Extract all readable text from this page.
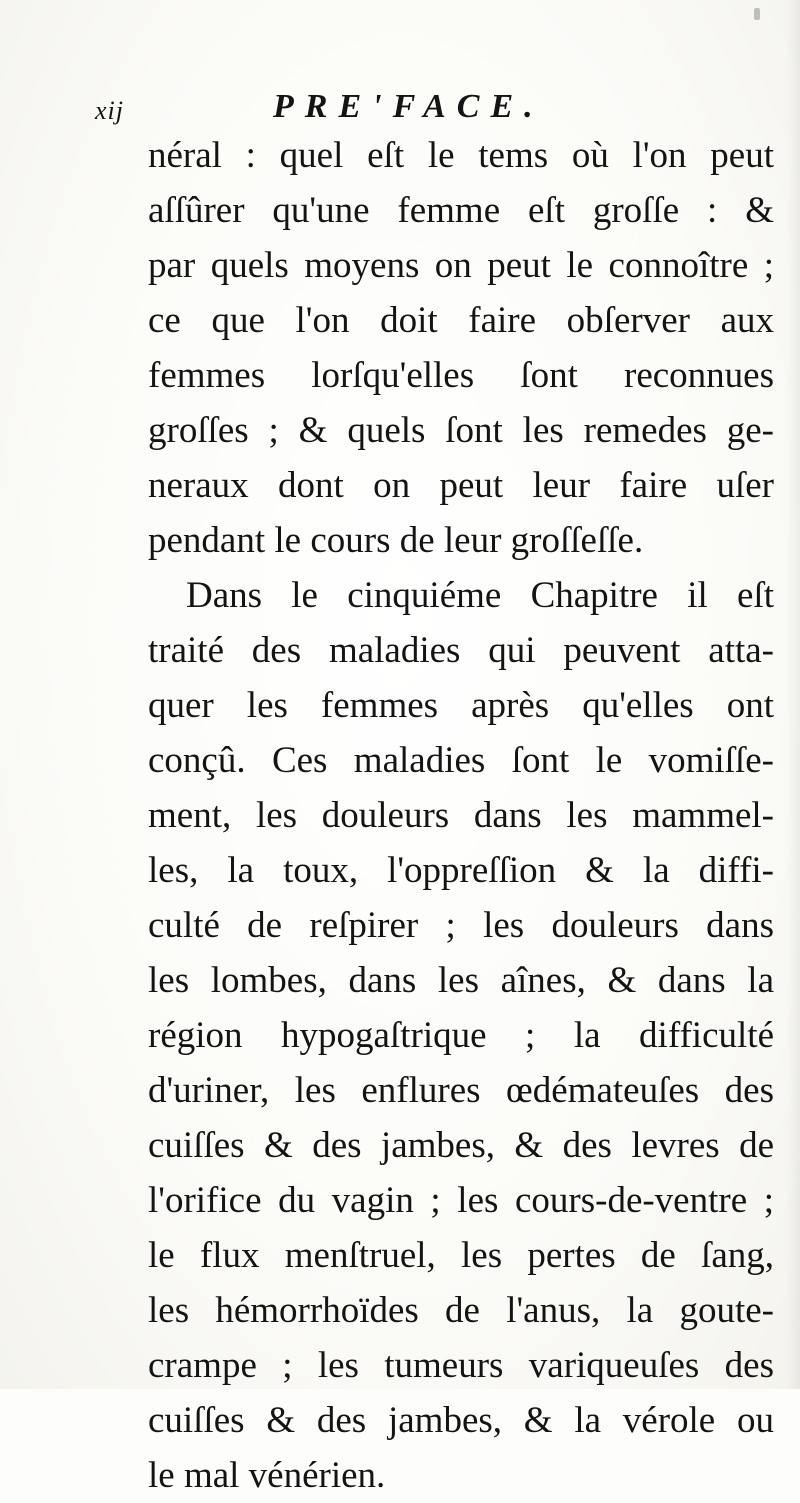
xij	PRE'FACE.
néral : quel eſt le tems où l'on peut
aſſûrer qu'une femme eſt groſſe : &
par quels moyens on peut le connoître ;
ce que l'on doit faire obſerver aux
femmes lorſqu'elles ſont reconnues
groſſes ; & quels ſont les remedes ge-
neraux dont on peut leur faire uſer
pendant le cours de leur groſſeſſe.
Dans le cinquiéme Chapitre il eſt
traité des maladies qui peuvent atta-
quer les femmes après qu'elles ont
conçû. Ces maladies ſont le vomiſſe-
ment, les douleurs dans les mammel-
les, la toux, l'oppreſſion & la diffi-
culté de reſpirer ; les douleurs dans
les lombes, dans les aînes, & dans la
région hypogaſtrique ; la difficulté
d'uriner, les enflures œdémateuſes des
cuiſſes & des jambes, & des levres de
l'orifice du vagin ; les cours-de-ventre ;
le flux menſtruel, les pertes de ſang,
les hémorrhoïdes de l'anus, la goute-
crampe ; les tumeurs variqueuſes des
cuiſſes & des jambes, & la vérole ou
le mal vénérien.
